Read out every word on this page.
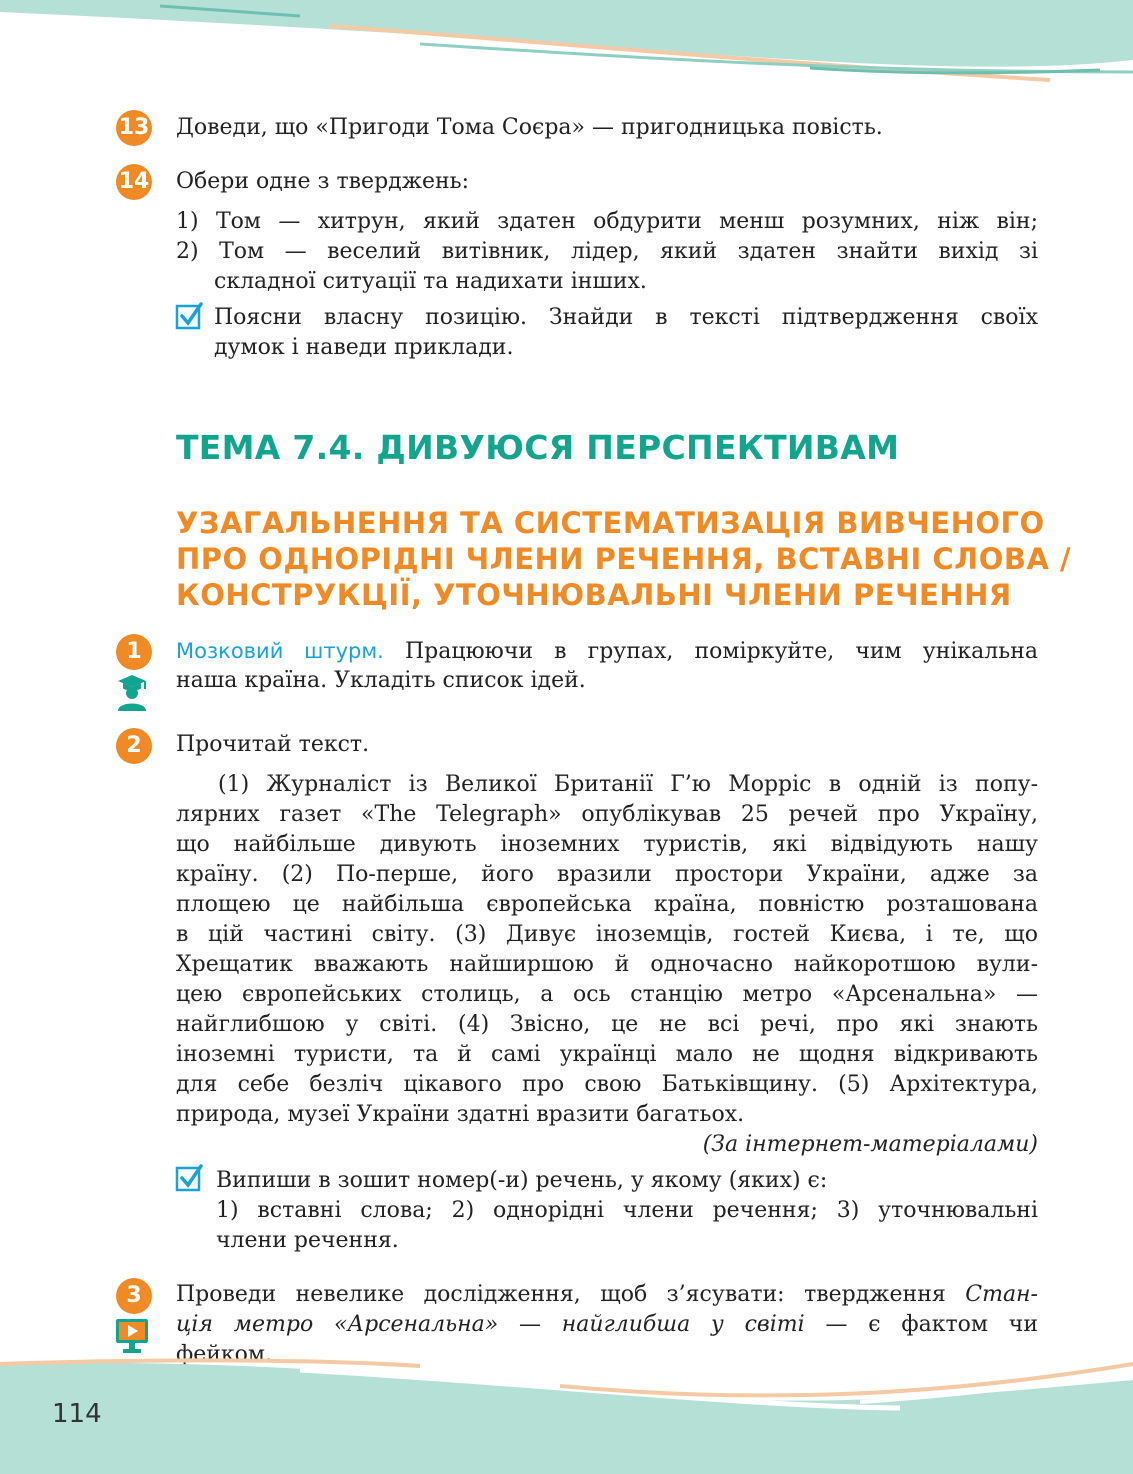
13 Доведи, що «Пригоди Тома Соєра» — пригодницька повість.
14 Обери одне з тверджень:
1) Том — хитрун, який здатен обдурити менш розумних, ніж він;
2) Том — веселий витівник, лідер, який здатен знайти вихід зі
складної ситуації та надихати інших.
Поясни власну позицію. Знайди в тексті підтвердження своїх
думок і наведи приклади.
ТЕМА 7.4. ДИВУЮСЯ ПЕРСПЕКТИВАМ
УЗАГАЛЬНЕННЯ ТА СИСТЕМАТИЗАЦІЯ ВИВЧЕНОГО
ПРО ОДНОРІДНІ ЧЛЕНИ РЕЧЕННЯ, ВСТАВНІ СЛОВА /
КОНСТРУКЦІЇ, УТОЧНЮВАЛЬНІ ЧЛЕНИ РЕЧЕННЯ
1	Мозковий штурм. Працюючи в групах, поміркуйте, чим унікальна
наша країна. Укладіть список ідей.
2	Прочитай текст.
(1) Журналіст із Великої Британії Г’ю Морріс в одній із попу-
лярних газет «The Telegraph» опублікував 25 речей про Україну,
що найбільше дивують іноземних туристів, які відвідують нашу
країну. (2) По-перше, його вразили простори України, адже за
площею це найбільша європейська країна, повністю розташована
в цій частині світу. (3) Дивує іноземців, гостей Києва, і те, що
Хрещатик вважають найширшою й одночасно найкоротшою вули-
цею європейських столиць, а ось станцію метро «Арсенальна» —
найглибшою у світі. (4) Звісно, це не всі речі, про які знають
іноземні туристи, та й самі українці мало не щодня відкривають
для себе безліч цікавого про свою Батьківщину. (5) Архітектура,
природа, музеї України здатні вразити багатьох.
(За інтернет-матеріалами)
Випиши в зошит номер(-и) речень, у якому (яких) є:
1) вставні слова; 2) однорідні члени речення; 3) уточнювальні
члени речення.
3	Проведи невелике дослідження, щоб з’ясувати: твердження Стан-
ція метро «Арсенальна» — найглибша у світі — є фактом чи
фейком.
114
